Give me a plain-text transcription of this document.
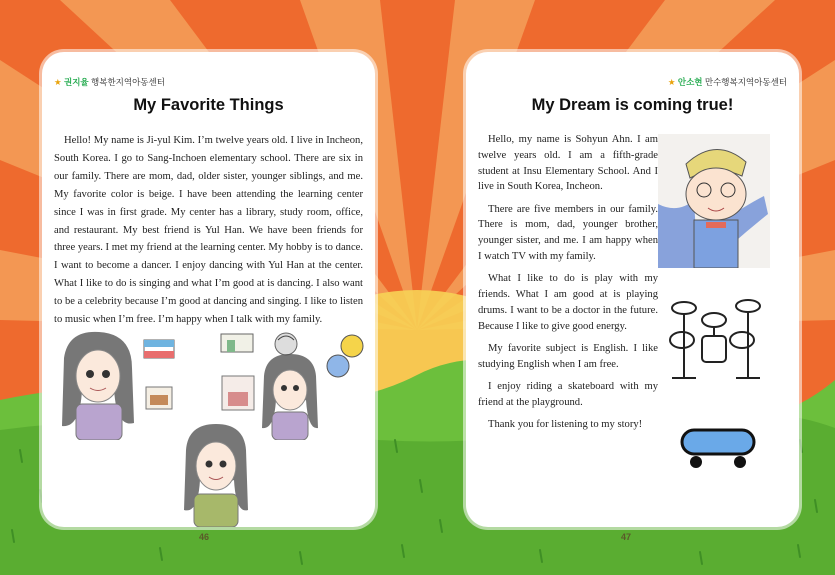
★ 권지율 행복한지역아동센터
My Favorite Things

Hello! My name is Ji-yul Kim. I’m twelve years old. I live in Incheon, South Korea. I go to Sang-Inchoen elementary school. There are six in our family. There are mom, dad, older sister, younger siblings, and me. My favorite color is beige. I have been attending the learning center since I was in first grade. My center has a library, study room, office, and restaurant. My best friend is Yul Han. We have been friends for three years. I met my friend at the learning center. My hobby is to dance. I want to become a dancer. I enjoy dancing with Yul Han at the center. What I like to do is singing and what I’m good at is dancing. I also want to be a celebrity because I’m good at dancing and singing. I like to listen to music when I’m free. I’m happy when I talk with my family.

★ 안소현 만수행복지역아동센터
My Dream is coming true!

Hello, my name is Sohyun Ahn. I am twelve years old. I am a fifth-grade student at Insu Elementary School. And I live in South Korea, Incheon.

There are five members in our family. There is mom, dad, younger brother, younger sister, and me. I am happy when I watch TV with my family.

What I like to do is play with my friends. What I am good at is playing drums. I want to be a doctor in the future. Because I like to give good energy.

My favorite subject is English. I like studying English when I am free.

I enjoy riding a skateboard with my friend at the playground.

Thank you for listening to my story!

46	47
